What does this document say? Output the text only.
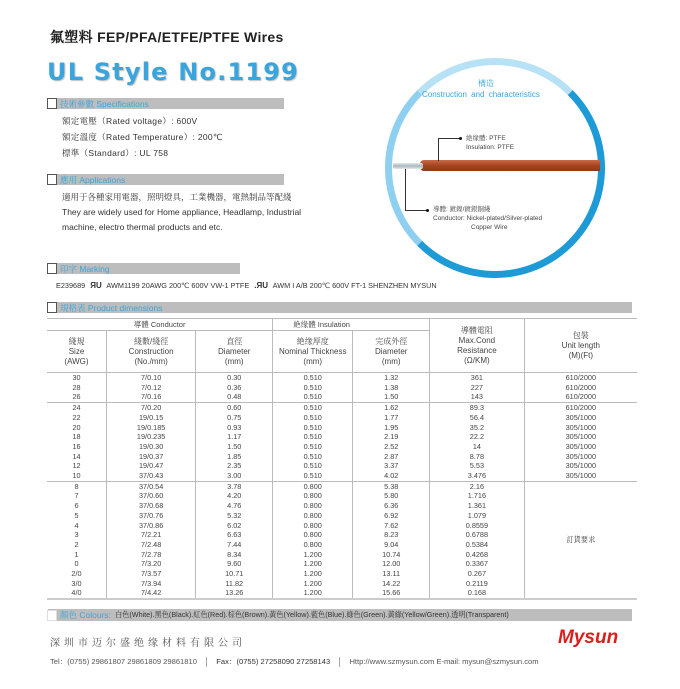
氟塑料 FEP/PFA/ETFE/PTFE Wires
UL Style No.1199
技術參數 Specifications
額定電壓（Rated voltage）: 600V
額定溫度（Rated Temperature）: 200℃
標準（Standard）: UL 758
應用 Applications
適用于各種家用電器，照明燈具，工業機器，電熱制品等配綫
They are widely used for Home appliance, Headlamp, Industrial
machine, electro thermal products and etc.
構造
Construction and characteristics
絶缘體: PTFE
Insulation: PTFE
導體: 鍍鎳/鍍銀銅綫
Conductor: Nickel-plated/Silver-plated
Copper Wire
印字 Marking
E239689 ЯU AWM1199 20AWG 200℃ 600V VW-1 PTFE .ЯU AWM I A/B 200℃ 600V FT-1 SHENZHEN MYSUN
規格表 Product dimensions
導體 Conductor	絶缘體 Insulation	
導體電阻
Max.Cond
Resistance
(Ω/KM)

包裝
Unit length
(M)(Ft)

綫規
Size
(AWG)

綫數/綫徑
Construction
(No./mm)

直徑
Diameter
(mm)

絶缘厚度
Nominal Thickness
(mm)

完成外徑
Diameter
(mm)

30	7/0.10	0.30	0.510	1.32	361	610/2000
28	7/0.12	0.36	0.510	1.38	227	610/2000
26	7/0.16	0.48	0.510	1.50	143	610/2000
24	7/0.20	0.60	0.510	1.62	89.3	610/2000
22	19/0.15	0.75	0.510	1.77	56.4	305/1000
20	19/0.185	0.93	0.510	1.95	35.2	305/1000
18	19/0.235	1.17	0.510	2.19	22.2	305/1000
16	19/0.30	1.50	0.510	2.52	14	305/1000
14	19/0.37	1.85	0.510	2.87	8.78	305/1000
12	19/0.47	2.35	0.510	3.37	5.53	305/1000
10	37/0.43	3.00	0.510	4.02	3.476	305/1000
8	37/0.54	3.78	0.800	5.38	2.16	訂貨要求
7	37/0.60	4.20	0.800	5.80	1.716	
6	37/0.68	4.76	0.800	6.36	1.361	
5	37/0.76	5.32	0.800	6.92	1.079	
4	37/0.86	6.02	0.800	7.62	0.8559	
3	7/2.21	6.63	0.800	8.23	0.6788	
2	7/2.48	7.44	0.800	9.04	0.5384	
1	7/2.78	8.34	1.200	10.74	0.4268	
0	7/3.20	9.60	1.200	12.00	0.3367	
2/0	7/3.57	10.71	1.200	13.11	0.267	
3/0	7/3.94	11.82	1.200	14.22	0.2119	
4/0	7/4.42	13.26	1.200	15.66	0.168	
顏色 Colours: 白色(White).黑色(Black).紅色(Red).棕色(Brown).黃色(Yellow).藍色(Blue).綠色(Green).黃綠(Yellow/Green).透明(Transparent)
深圳市迈尔盛绝缘材料有限公司	Mysun
Tel：(0755) 29861807 29861809 29861810	Fax：(0755) 27258090 27258143	Http://www.szmysun.com E-mail: mysun@szmysun.com
